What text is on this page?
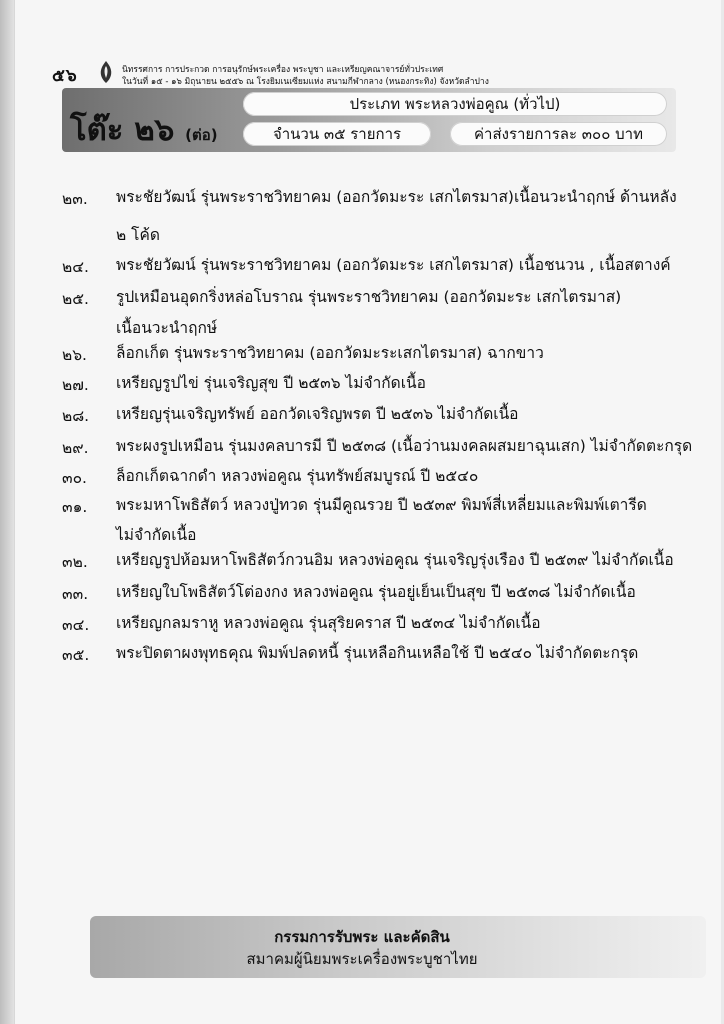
๕๖	นิทรรศการ การประกวด การอนุรักษ์พระเครื่อง พระบูชา และเหรียญคณาจารย์ทั่วประเทศ
ในวันที่ ๑๕ - ๑๖ มิถุนายน ๒๕๕๖ ณ โรงยิมเนเซียมแห่ง สนามกีฬากลาง (หนองกระทิง) จังหวัดลำปาง
โต๊ะ ๒๖ (ต่อ)
ประเภท พระหลวงพ่อคูณ (ทั่วไป)
จำนวน ๓๕ รายการ	ค่าส่งรายการละ ๓๐๐ บาท
๒๓.	พระชัยวัฒน์ รุ่นพระราชวิทยาคม (ออกวัดมะระ เสกไตรมาส)เนื้อนวะนำฤกษ์ ด้านหลัง
๒ โค้ด
๒๔.	พระชัยวัฒน์ รุ่นพระราชวิทยาคม (ออกวัดมะระ เสกไตรมาส) เนื้อชนวน , เนื้อสตางค์
๒๕.	รูปเหมือนอุดกริ่งหล่อโบราณ รุ่นพระราชวิทยาคม (ออกวัดมะระ เสกไตรมาส)
เนื้อนวะนำฤกษ์
๒๖.	ล็อกเก็ต รุ่นพระราชวิทยาคม (ออกวัดมะระเสกไตรมาส) ฉากขาว
๒๗.	เหรียญรูปไข่ รุ่นเจริญสุข ปี ๒๕๓๖ ไม่จำกัดเนื้อ
๒๘.	เหรียญรุ่นเจริญทรัพย์ ออกวัดเจริญพรต ปี ๒๕๓๖ ไม่จำกัดเนื้อ
๒๙.	พระผงรูปเหมือน รุ่นมงคลบารมี ปี ๒๕๓๘ (เนื้อว่านมงคลผสมยาฉุนเสก) ไม่จำกัดตะกรุด
๓๐.	ล็อกเก็ตฉากดำ หลวงพ่อคูณ รุ่นทรัพย์สมบูรณ์ ปี ๒๕๔๐
๓๑.	พระมหาโพธิสัตว์ หลวงปู่ทวด รุ่นมีคูณรวย ปี ๒๕๓๙ พิมพ์สี่เหลี่ยมและพิมพ์เตารีด
ไม่จำกัดเนื้อ
๓๒.	เหรียญรูปห้อมหาโพธิสัตว์กวนอิม หลวงพ่อคูณ รุ่นเจริญรุ่งเรือง ปี ๒๕๓๙ ไม่จำกัดเนื้อ
๓๓.	เหรียญใบโพธิสัตว์โต่องกง หลวงพ่อคูณ รุ่นอยู่เย็นเป็นสุข ปี ๒๕๓๘ ไม่จำกัดเนื้อ
๓๔.	เหรียญกลมราหู หลวงพ่อคูณ รุ่นสุริยคราส ปี ๒๕๓๔ ไม่จำกัดเนื้อ
๓๕.	พระปิดตาผงพุทธคุณ พิมพ์ปลดหนี้ รุ่นเหลือกินเหลือใช้ ปี ๒๕๔๐ ไม่จำกัดตะกรุด
กรรมการรับพระ และคัดสิน
สมาคมผู้นิยมพระเครื่องพระบูชาไทย
